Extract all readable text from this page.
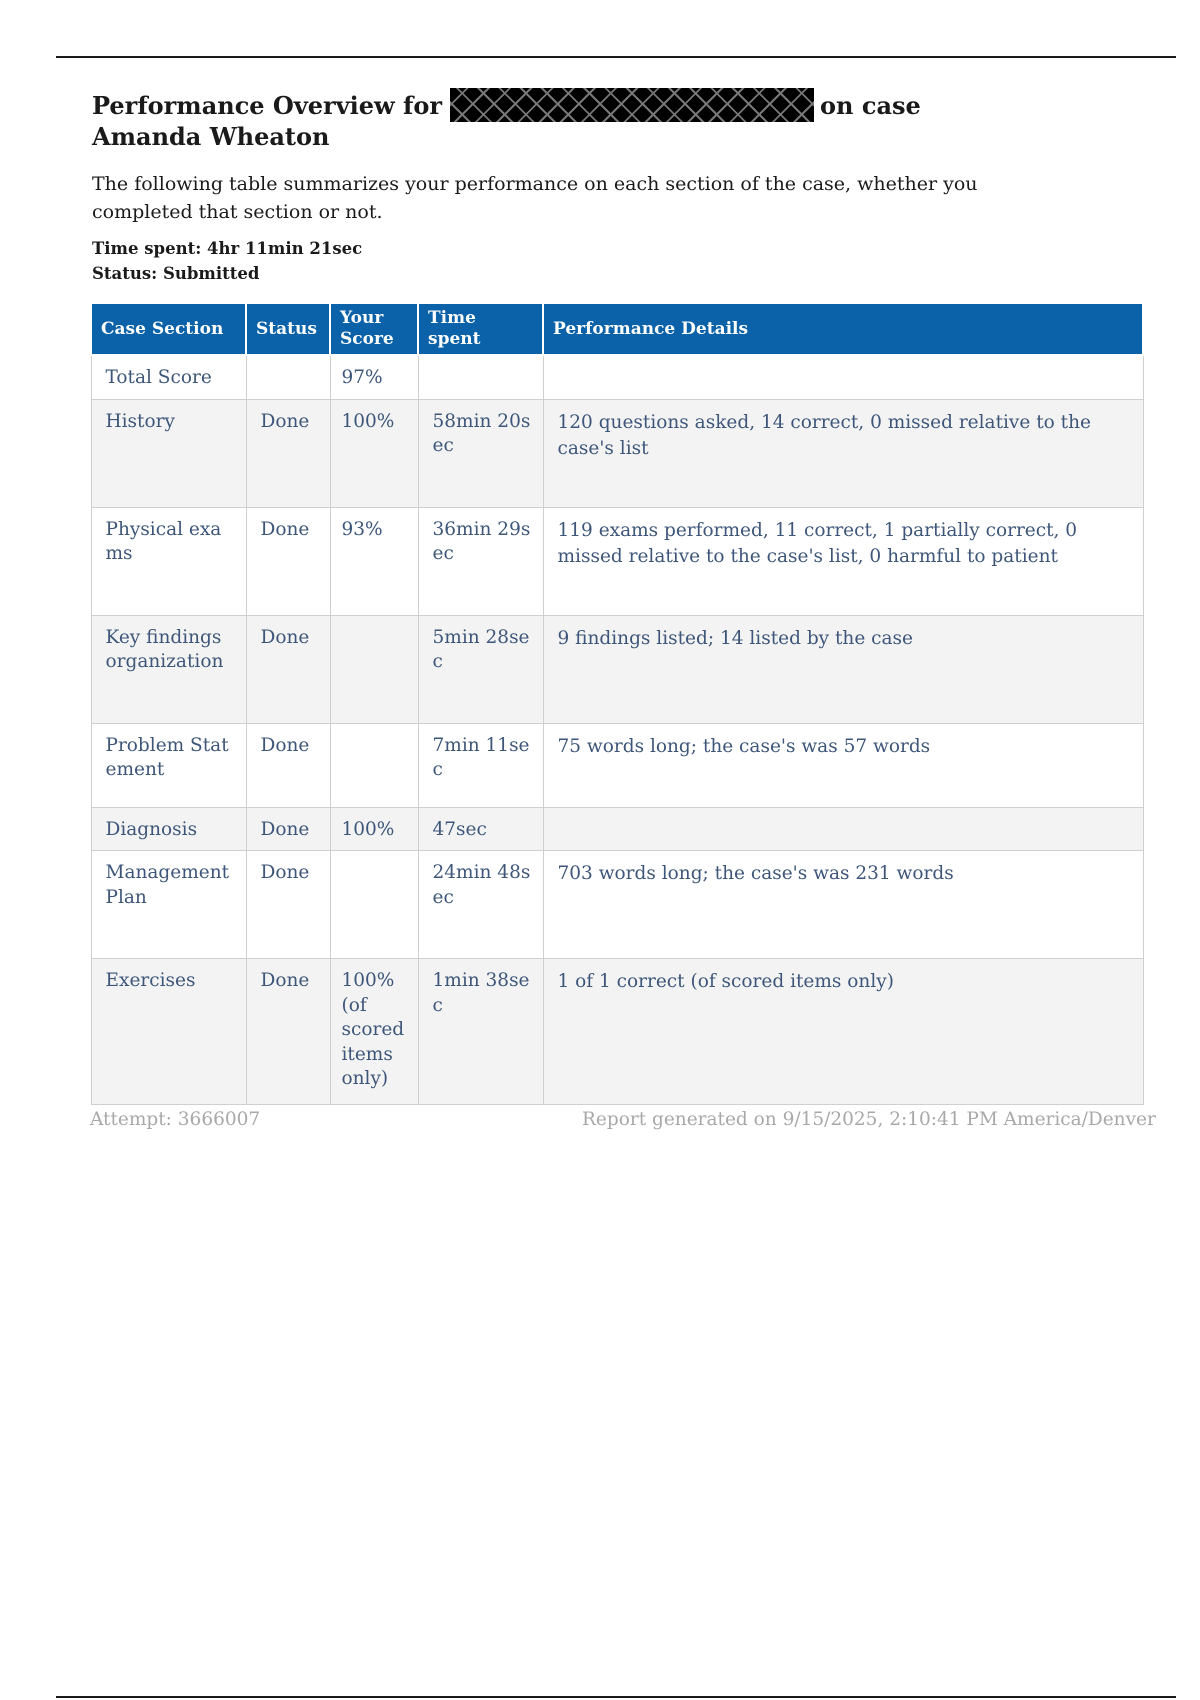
Performance Overview for	on case Amanda Wheaton

The following table summarizes your performance on each section of the case, whether you completed that section or not.

Time spent: 4hr 11min 21sec
Status: Submitted
Case Section	Status	Your Score	Time spent	Performance Details
Total Score		97%		
History	Done	100%	58min 20sec	120 questions asked, 14 correct, 0 missed relative to the case's list
Physical exams	Done	93%	36min 29sec	119 exams performed, 11 correct, 1 partially correct, 0 missed relative to the case's list, 0 harmful to patient
Key findings organization	Done		5min 28sec	9 findings listed; 14 listed by the case
Problem Statement	Done		7min 11sec	75 words long; the case's was 57 words
Diagnosis	Done	100%	47sec	
Management Plan	Done		24min 48sec	703 words long; the case's was 231 words
Exercises	Done	100% (of scored items only)	1min 38sec	1 of 1 correct (of scored items only)
Attempt: 3666007	Report generated on 9/15/2025, 2:10:41 PM America/Denver
